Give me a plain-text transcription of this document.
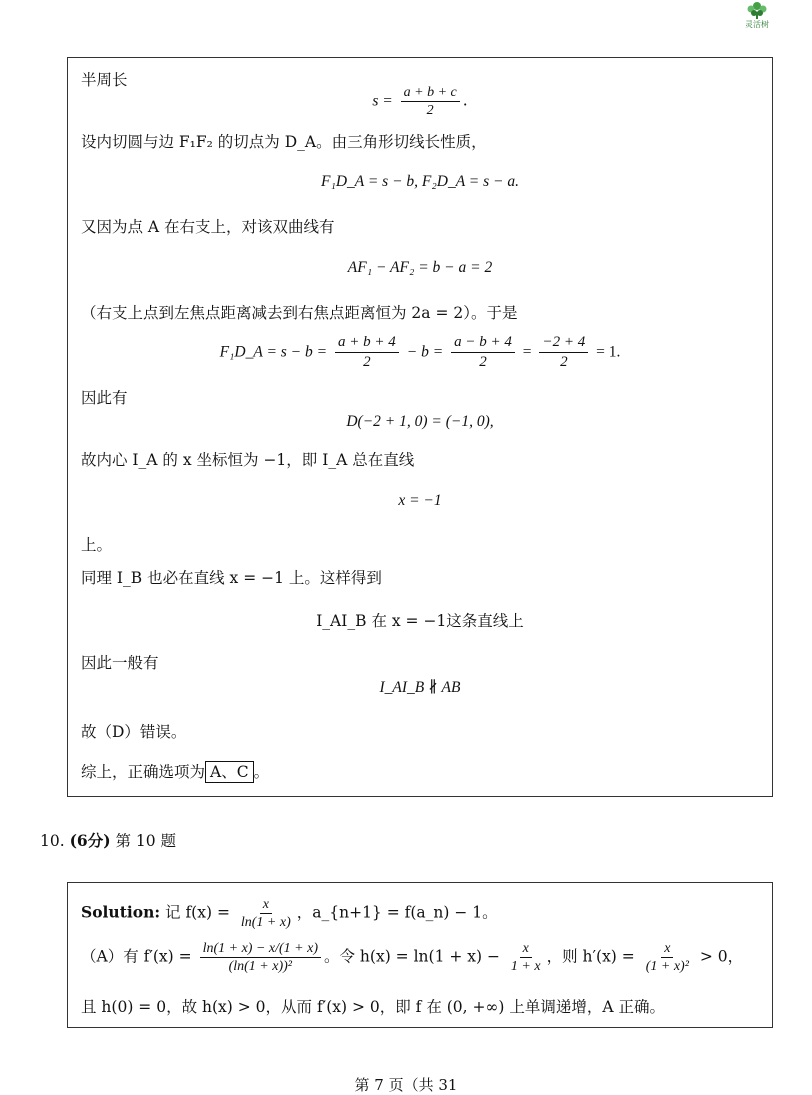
灵活树
半周长
$s = \frac{a + b + c}{2}$ .
设内切圆与边 F₁F₂ 的切点为 D_A。由三角形切线长性质，
F₁D_A = s − b, F₂D_A = s − a.
又因为点 A 在右支上，对该双曲线有
AF₁ − AF₂ = b − a = 2
（右支上点到左焦点距离减去到右焦点距离恒为 2a = 2）。于是
F₁D_A = $s - b = \frac{a + b + 4}{2} - b = \frac{a - b + 4}{2} = \frac{-2 + 4}{2} = 1$.
因此有
D(−2 + 1, 0) = (−1, 0),
故内心 I_A 的 x 坐标恒为 −1，即 I_A 总在直线
x = −1
上。
同理 I_B 也必在直线 x = −1 上。这样得到
I_AI_B 在 x = −1这条直线上
因此一般有
I_AI_B ∦ AB
故（D）错误。
综上，正确选项为 A、C 。
10. (6分) 第 10 题
Solution: 记 $f(x) = \frac{x}{\ln(1 + x)}$ ，a_{n+1} = f(a_n) − 1。
（A）有 $f'(x) = \frac{\ln(1 + x) - x/(1 + x)}{\text{(ln(1 + x))²}}$ 。令 $h(x) = \ln(1 + x) - \frac{x}{1 + x}$ ，则 $h'(x) = \frac{x}{\text{(1 + x)²}} > 0$，
且 h(0) = 0，故 h(x) > 0，从而 f′(x) > 0，即 f 在 (0, +∞) 上单调递增，A 正确。
第 7 页（共 31
